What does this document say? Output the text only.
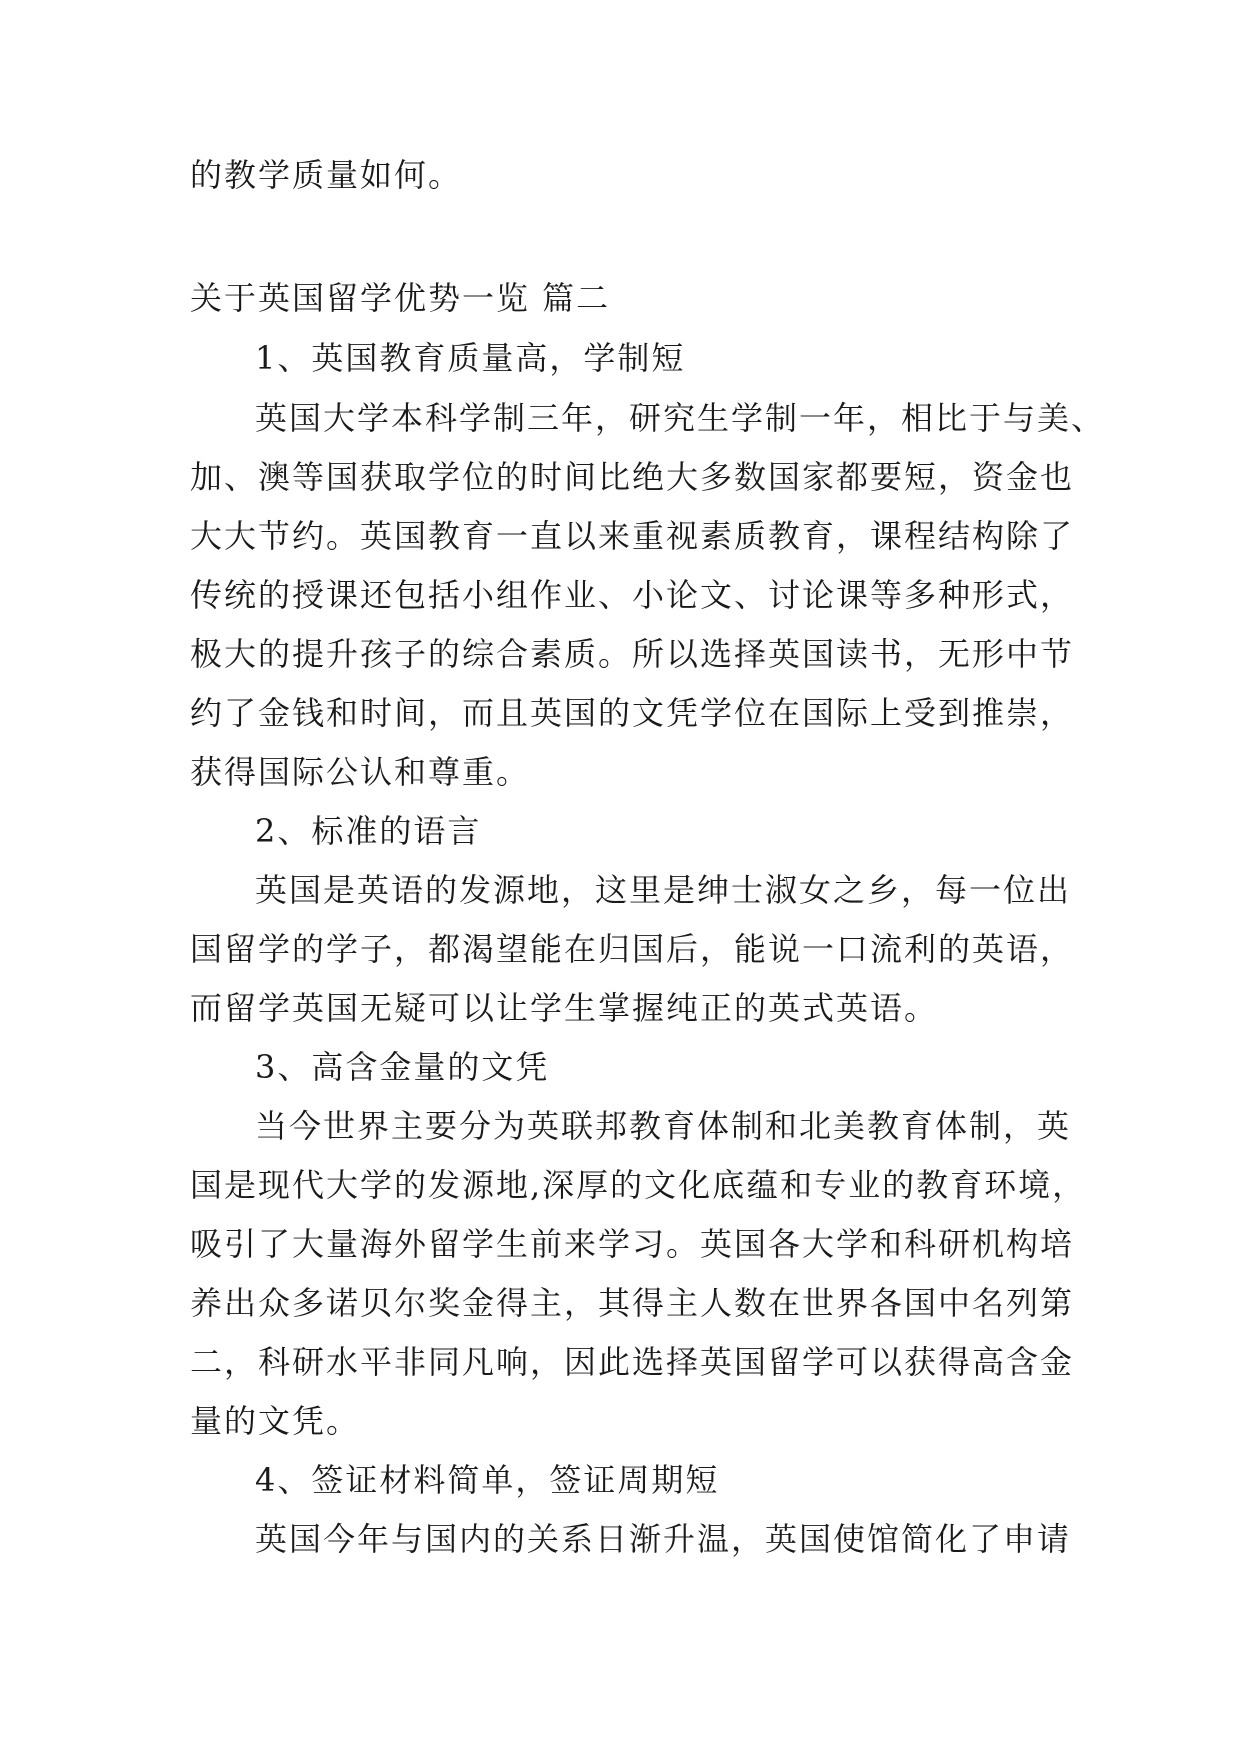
的教学质量如何。
关于英国留学优势一览 篇二
1、英国教育质量高，学制短
英国大学本科学制三年，研究生学制一年，相比于与美、
加、澳等国获取学位的时间比绝大多数国家都要短，资金也
大大节约。英国教育一直以来重视素质教育，课程结构除了
传统的授课还包括小组作业、小论文、讨论课等多种形式，
极大的提升孩子的综合素质。所以选择英国读书，无形中节
约了金钱和时间，而且英国的文凭学位在国际上受到推崇，
获得国际公认和尊重。
2、标准的语言
英国是英语的发源地，这里是绅士淑女之乡，每一位出
国留学的学子，都渴望能在归国后，能说一口流利的英语，
而留学英国无疑可以让学生掌握纯正的英式英语。
3、高含金量的文凭
当今世界主要分为英联邦教育体制和北美教育体制，英
国是现代大学的发源地,深厚的文化底蕴和专业的教育环境，
吸引了大量海外留学生前来学习。英国各大学和科研机构培
养出众多诺贝尔奖金得主，其得主人数在世界各国中名列第
二，科研水平非同凡响，因此选择英国留学可以获得高含金
量的文凭。
4、签证材料简单，签证周期短
英国今年与国内的关系日渐升温，英国使馆简化了申请
